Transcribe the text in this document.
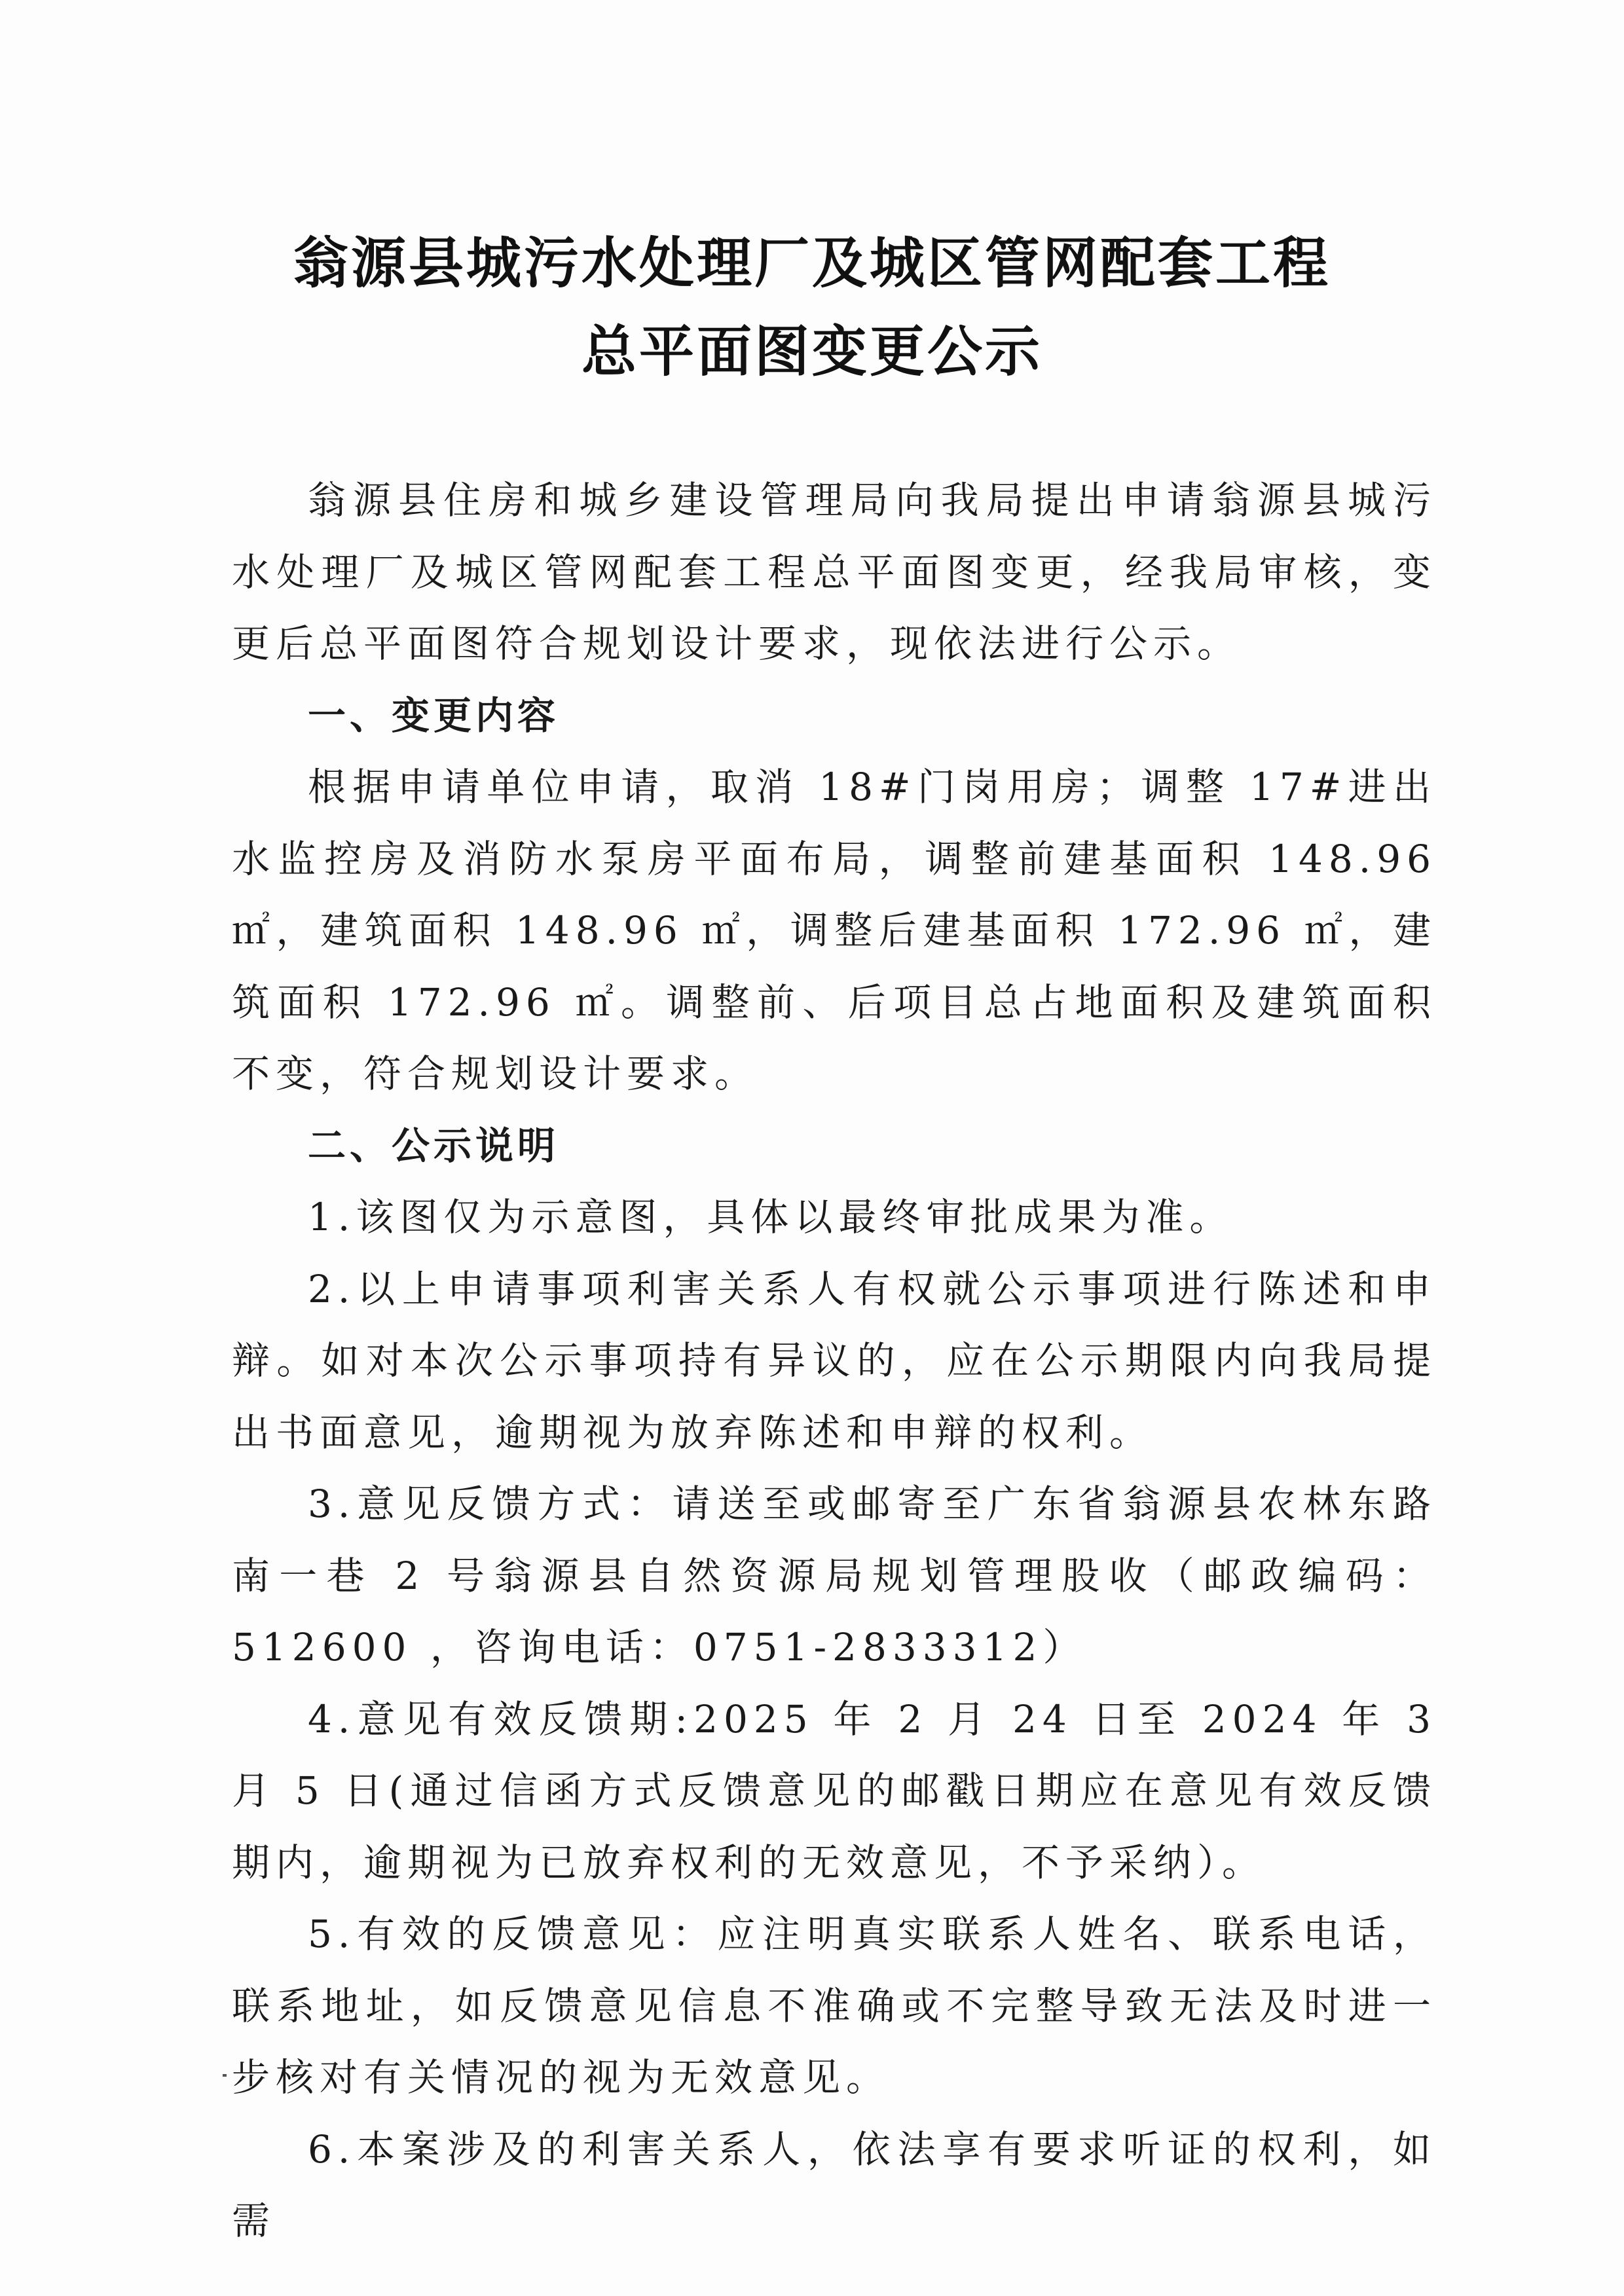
翁源县城污水处理厂及城区管网配套工程
总平面图变更公示

翁源县住房和城乡建设管理局向我局提出申请翁源县城污水处理厂及城区管网配套工程总平面图变更，经我局审核，变更后总平面图符合规划设计要求，现依法进行公示。

一、变更内容

根据申请单位申请，取消 18#门岗用房；调整 17#进出水监控房及消防水泵房平面布局，调整前建基面积 148.96 ㎡，建筑面积 148.96 ㎡，调整后建基面积 172.96 ㎡，建筑面积 172.96 ㎡。调整前、后项目总占地面积及建筑面积不变，符合规划设计要求。

二、公示说明

1.该图仅为示意图，具体以最终审批成果为准。

2.以上申请事项利害关系人有权就公示事项进行陈述和申辩。如对本次公示事项持有异议的，应在公示期限内向我局提出书面意见，逾期视为放弃陈述和申辩的权利。

3.意见反馈方式：请送至或邮寄至广东省翁源县农林东路南一巷 2 号翁源县自然资源局规划管理股收（邮政编码：512600 ，咨询电话：0751-2833312）

4.意见有效反馈期:2025 年 2 月 24 日至 2024 年 3 月 5 日(通过信函方式反馈意见的邮戳日期应在意见有效反馈期内，逾期视为已放弃权利的无效意见，不予采纳）。

5.有效的反馈意见：应注明真实联系人姓名、联系电话，联系地址，如反馈意见信息不准确或不完整导致无法及时进一步核对有关情况的视为无效意见。

6.本案涉及的利害关系人，依法享有要求听证的权利，如需
